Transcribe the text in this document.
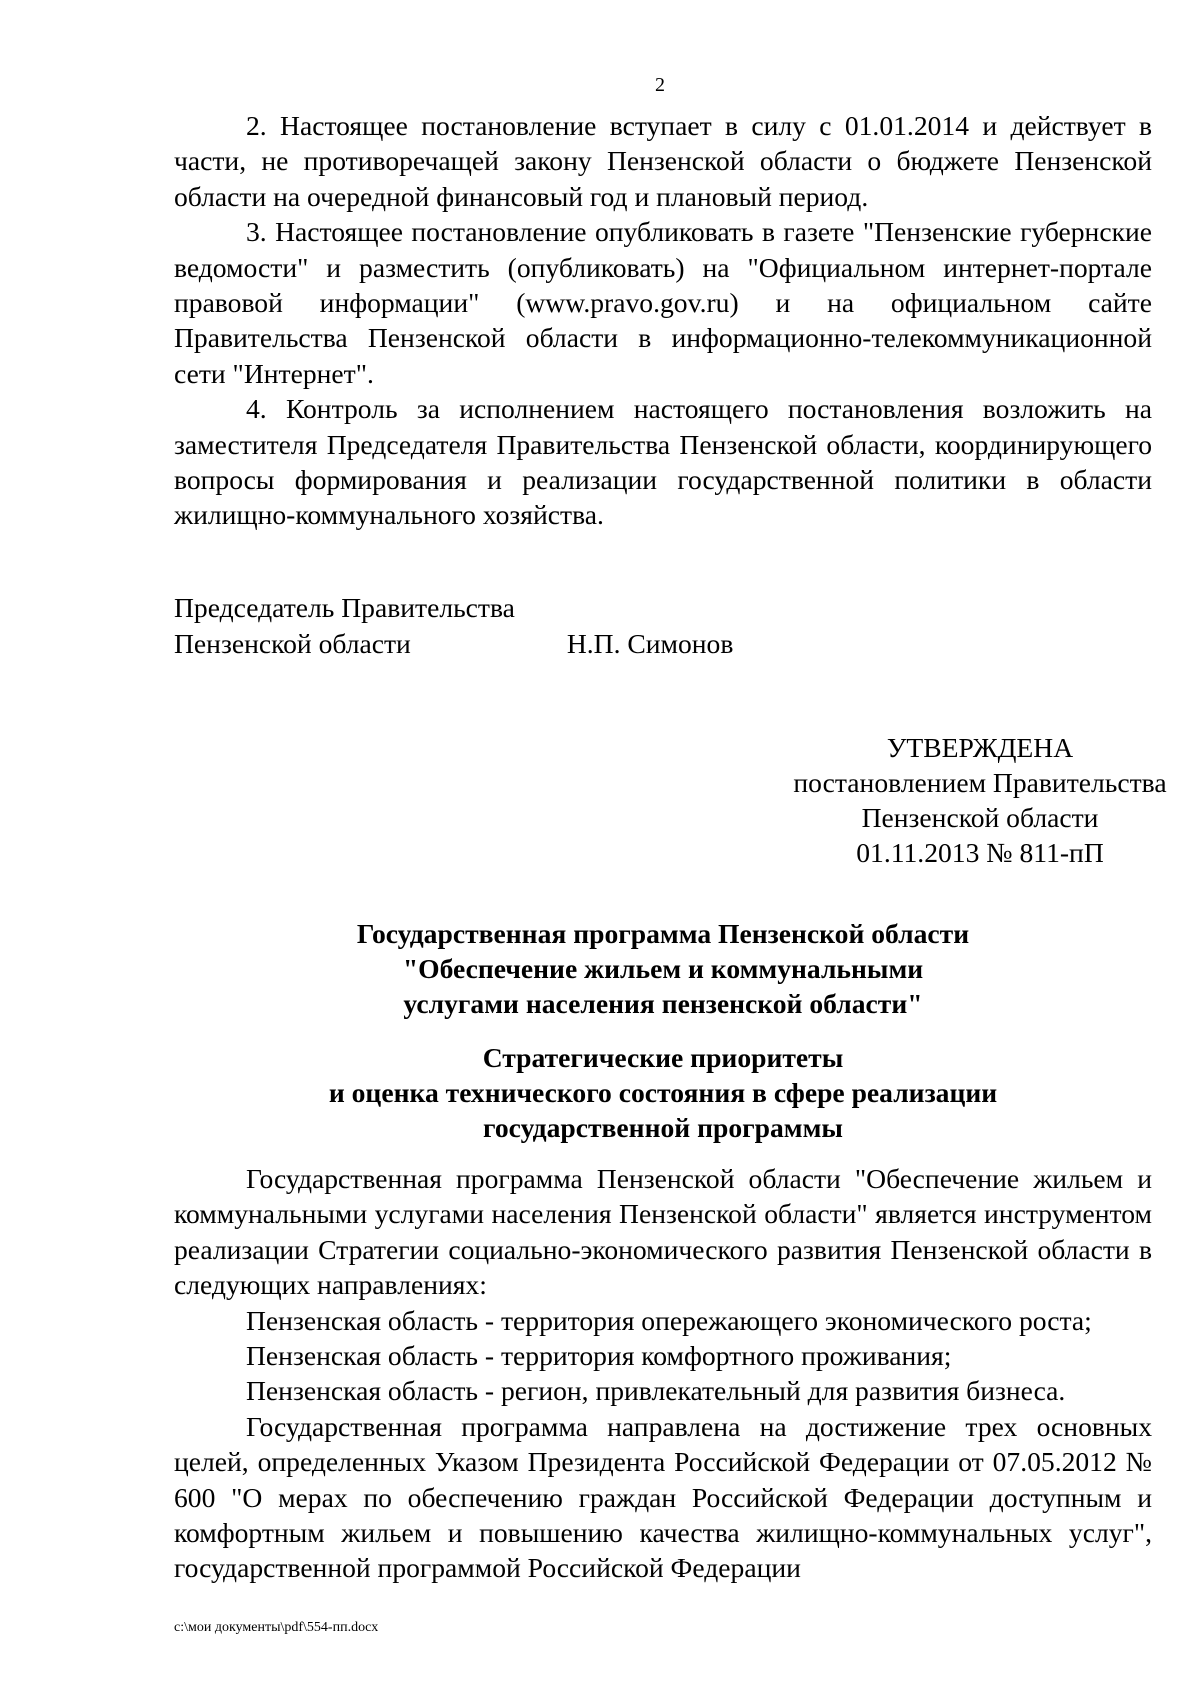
2

2. Настоящее постановление вступает в силу с 01.01.2014 и действует в части, не противоречащей закону Пензенской области о бюджете Пензенской области на очередной финансовый год и плановый период.

3. Настоящее постановление опубликовать в газете "Пензенские губернские ведомости" и разместить (опубликовать) на "Официальном интернет-портале правовой информации" (www.pravo.gov.ru) и на официальном сайте Правительства Пензенской области в информационно-телекоммуникационной сети "Интернет".

4. Контроль за исполнением настоящего постановления возложить на заместителя Председателя Правительства Пензенской области, координирующего вопросы формирования и реализации государственной политики в области жилищно-коммунального хозяйства.

Председатель Правительства
Пензенской области	Н.П. Симонов
УТВЕРЖДЕНА
постановлением Правительства
Пензенской области
01.11.2013 № 811-пП
Государственная программа Пензенской области
"Обеспечение жильем и коммунальными
услугами населения пензенской области"
Стратегические приоритеты
и оценка технического состояния в сфере реализации
государственной программы

Государственная программа Пензенской области "Обеспечение жильем и коммунальными услугами населения Пензенской области" является инструментом реализации Стратегии социально-экономического развития Пензенской области в следующих направлениях:

Пензенская область - территория опережающего экономического роста;

Пензенская область - территория комфортного проживания;

Пензенская область - регион, привлекательный для развития бизнеса.

Государственная программа направлена на достижение трех основных целей, определенных Указом Президента Российской Федерации от 07.05.2012 № 600 "О мерах по обеспечению граждан Российской Федерации доступным и комфортным жильем и повышению качества жилищно-коммунальных услуг", государственной программой Российской Федерации

c:\мои документы\pdf\554-пп.docx
